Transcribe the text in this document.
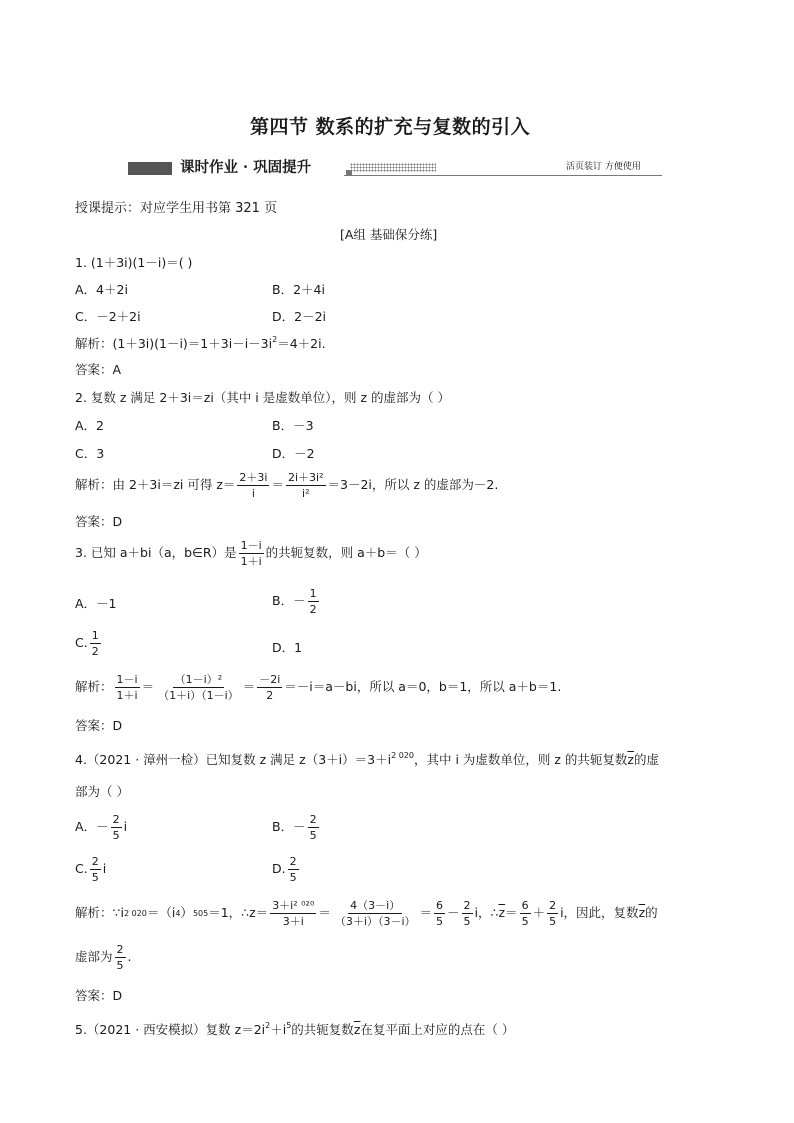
第四节 数系的扩充与复数的引入
课时作业 · 巩固提升	活页装订 方便使用
授课提示：对应学生用书第 321 页
[A组 基础保分练]
1. (1＋3i)(1－i)＝( )
A．4＋2i	B．2＋4i
C．－2＋2i	D．2－2i
解析：$(1+3i)(1-i)=1+3i-i-3i^2=4+2i$.
答案：A
2. 复数 z 满足 2＋3i＝zi（其中 i 是虚数单位），则 z 的虚部为（ ）
A．2	B．－3
C．3	D．－2
解析：由 2＋3i＝zi 可得 $z= \frac{2+3i}{i} = \frac{\text{2i＋3i²}}{\text{i²}} =3-2i$，所以 z 的虚部为－2.
答案：D
3. 已知 a＋bi（a，b∈R）是 $\frac{1-i}{1+i}$ 的共轭复数，则 a＋b＝（ ）
A．－1	B．－ $\frac{1}{2}$
C. $\frac{1}{2}$	D．1
解析： $\frac{1-i}{1+i} = \frac{\text{（1－i）²}}{(1+i)(1-i)} = \frac{-2i}{2} =-i=a-bi$，所以 a＝0，b＝1，所以 a＋b＝1.
答案：D
4.（2021 · 漳州一检）已知复数 z 满足 $z(3+i)=3+i^{2 020}$，其中 i 为虚数单位，则 z 的共轭复数$\overline{z}$的虚
部为（ ）
A．－ $\frac{2}{5}$ i	B．－ $\frac{2}{5}$
C. $\frac{2}{5}$ i	D. $\frac{2}{5}$
解析：∵i 2 020 ＝（i 4 ） 505 ＝1，∴z＝ $\frac{\text{3＋i² ⁰²⁰}}{3+i} = \frac{4(3-i)}{(3+i)(3-i)} = \frac{6}{5} - \frac{2}{5}$ i，∴ $\overline{z} = \frac{6}{5} + \frac{2}{5}$ i，因此，复数 $\overline{z}$ 的
虚部为 $\frac{2}{5}$ .
答案：D
5.（2021 · 西安模拟）复数 $z=2i^2+i^5$的共轭复数$\overline{z}$在复平面上对应的点在（ ）
